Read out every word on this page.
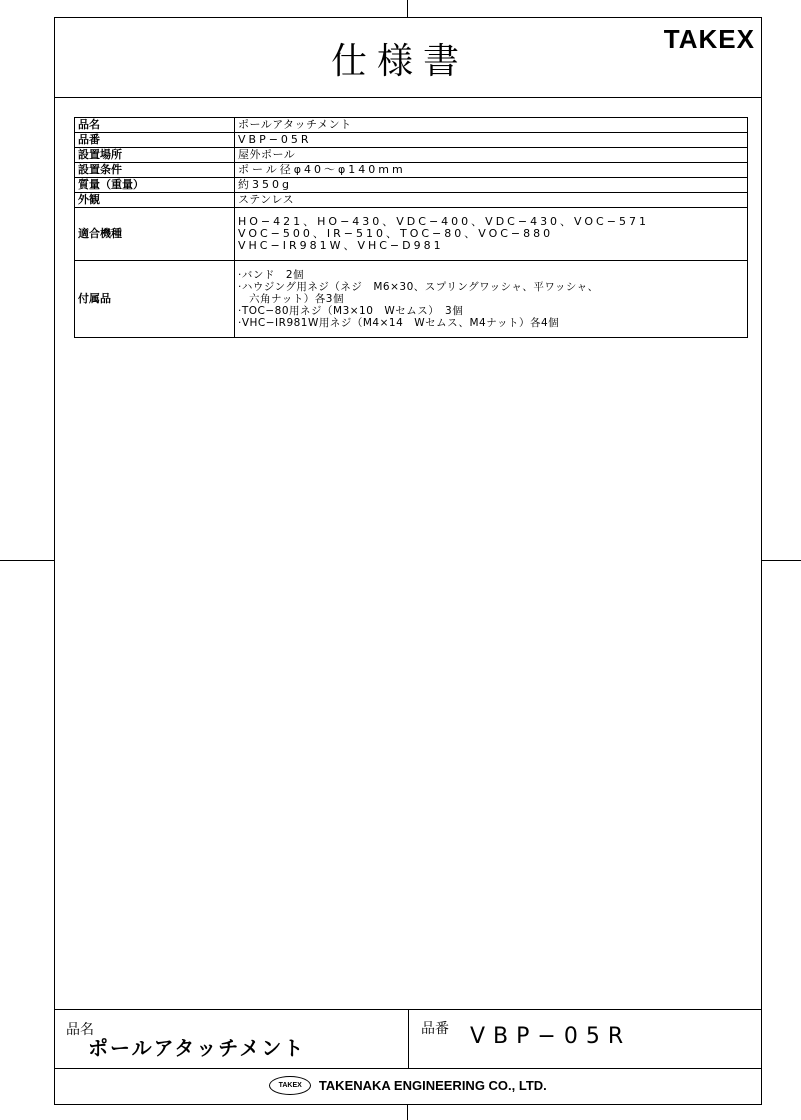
仕様書
TAKEX
品名	ポールアタッチメント
品番	VBP−05R
設置場所	屋外ポール
設置条件	ポール径φ40〜φ140mm
質量（重量）	約350g
外観	ステンレス
適合機種	HO−421、HO−430、VDC−400、VDC−430、VOC−571
VOC−500、IR−510、TOC−80、VOC−880
VHC−IR981W、VHC−D981

付属品	·バンド　2個
·ハウジング用ネジ（ネジ　M6×30、スプリングワッシャ、平ワッシャ、
　六角ナット）各3個
·TOC−80用ネジ（M3×10　Wセムス）　3個
·VHC−IR981W用ネジ（M4×14　Wセムス、M4ナット）各4個
品名
ポールアタッチメント
品番 VBP−05R
TAKEX TAKENAKA ENGINEERING CO., LTD.
